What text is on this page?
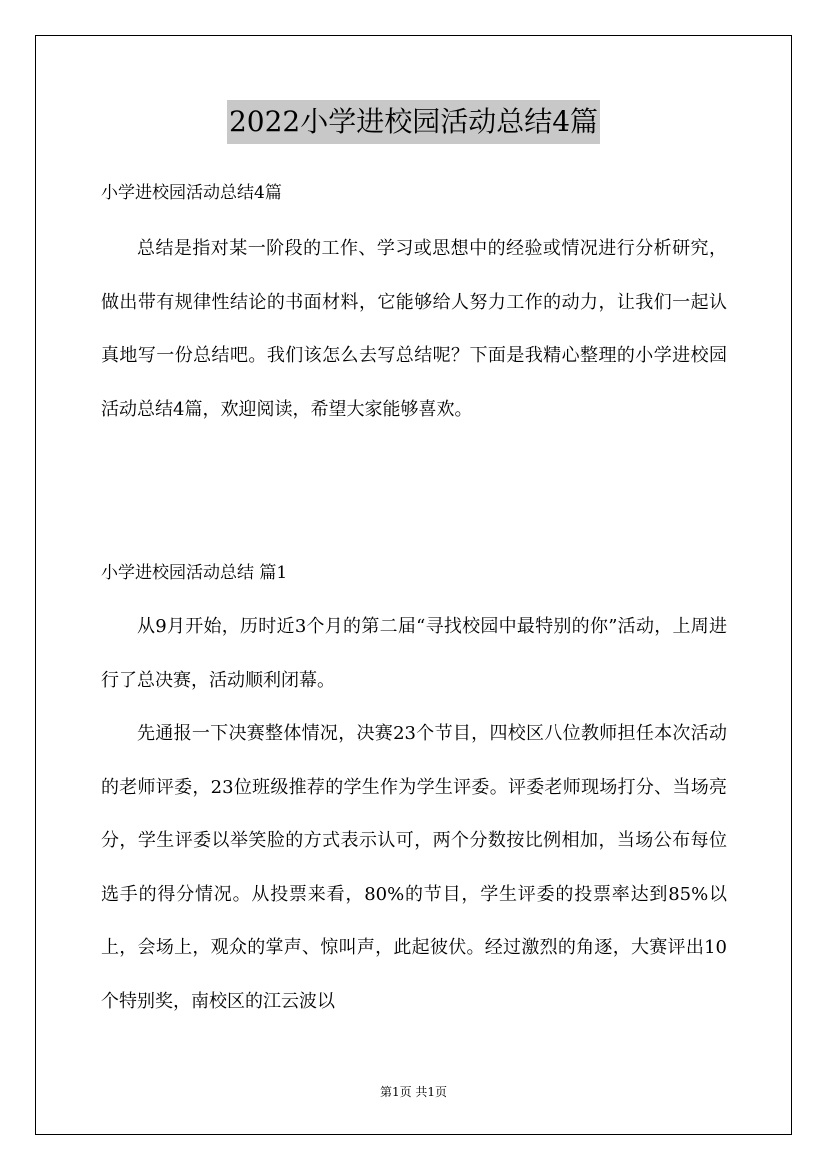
2022小学进校园活动总结4篇
小学进校园活动总结4篇

总结是指对某一阶段的工作、学习或思想中的经验或情况进行分析研究，做出带有规律性结论的书面材料，它能够给人努力工作的动力，让我们一起认真地写一份总结吧。我们该怎么去写总结呢？下面是我精心整理的小学进校园活动总结4篇，欢迎阅读，希望大家能够喜欢。

小学进校园活动总结 篇1

从9月开始，历时近3个月的第二届“寻找校园中最特别的你”活动，上周进行了总决赛，活动顺利闭幕。

先通报一下决赛整体情况，决赛23个节目，四校区八位教师担任本次活动的老师评委，23位班级推荐的学生作为学生评委。评委老师现场打分、当场亮分，学生评委以举笑脸的方式表示认可，两个分数按比例相加，当场公布每位选手的得分情况。从投票来看，80%的节目，学生评委的投票率达到85%以上，会场上，观众的掌声、惊叫声，此起彼伏。经过激烈的角逐，大赛评出10个特别奖，南校区的江云波以

第1页 共1页
